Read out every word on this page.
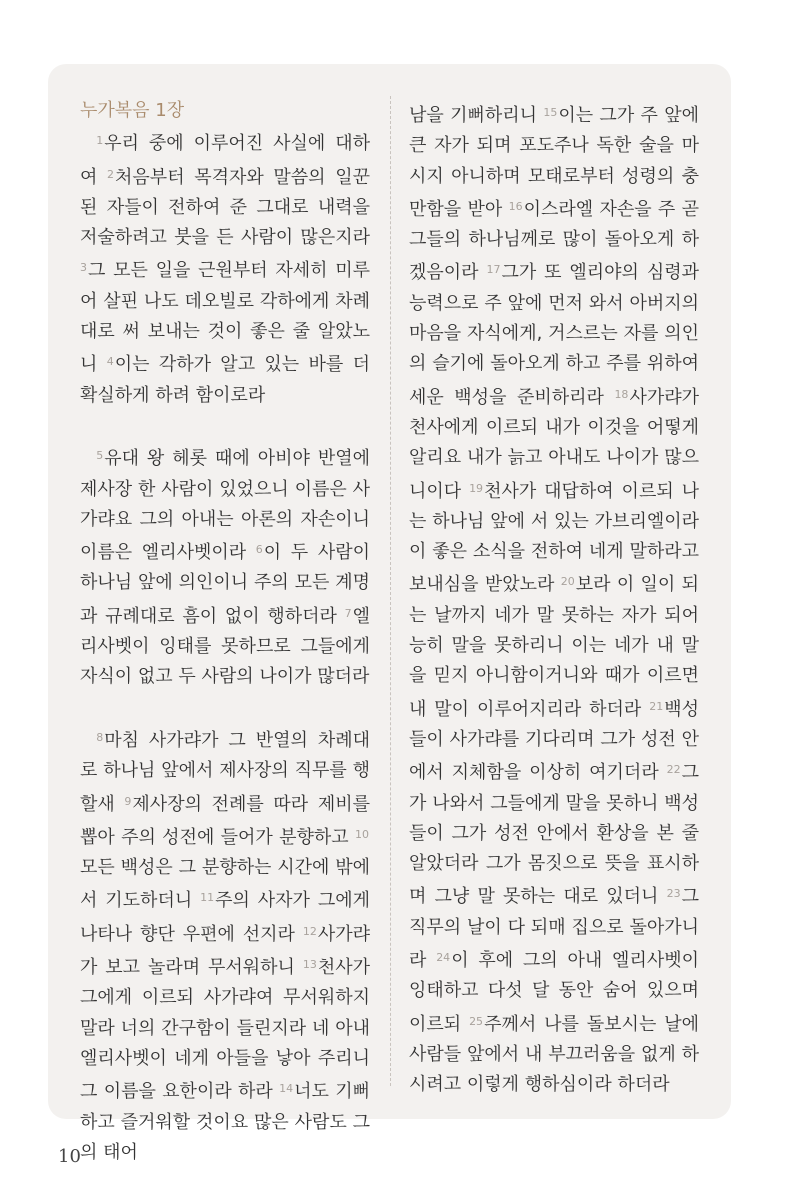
누가복음 1장

$^1$우리 중에 이루어진 사실에 대하여 $^2$처음부터 목격자와 말씀의 일꾼 된 자들이 전하여 준 그대로 내력을 저술하려고 붓을 든 사람이 많은지라 $^3$그 모든 일을 근원부터 자세히 미루어 살핀 나도 데오빌로 각하에게 차례대로 써 보내는 것이 좋은 줄 알았노니 $^4$이는 각하가 알고 있는 바를 더 확실하게 하려 함이로라

$^5$유대 왕 헤롯 때에 아비야 반열에 제사장 한 사람이 있었으니 이름은 사가랴요 그의 아내는 아론의 자손이니 이름은 엘리사벳이라 $^6$이 두 사람이 하나님 앞에 의인이니 주의 모든 계명과 규례대로 흠이 없이 행하더라 $^7$엘리사벳이 잉태를 못하므로 그들에게 자식이 없고 두 사람의 나이가 많더라

$^8$마침 사가랴가 그 반열의 차례대로 하나님 앞에서 제사장의 직무를 행할새 $^9$제사장의 전례를 따라 제비를 뽑아 주의 성전에 들어가 분향하고 $^{10}$모든 백성은 그 분향하는 시간에 밖에서 기도하더니 $^{11}$주의 사자가 그에게 나타나 향단 우편에 선지라 $^{12}$사가랴가 보고 놀라며 무서워하니 $^{13}$천사가 그에게 이르되 사가랴여 무서워하지 말라 너의 간구함이 들린지라 네 아내 엘리사벳이 네게 아들을 낳아 주리니 그 이름을 요한이라 하라 $^{14}$너도 기뻐하고 즐거워할 것이요 많은 사람도 그의 태어

남을 기뻐하리니 $^{15}$이는 그가 주 앞에 큰 자가 되며 포도주나 독한 술을 마시지 아니하며 모태로부터 성령의 충만함을 받아 $^{16}$이스라엘 자손을 주 곧 그들의 하나님께로 많이 돌아오게 하겠음이라 $^{17}$그가 또 엘리야의 심령과 능력으로 주 앞에 먼저 와서 아버지의 마음을 자식에게, 거스르는 자를 의인의 슬기에 돌아오게 하고 주를 위하여 세운 백성을 준비하리라 $^{18}$사가랴가 천사에게 이르되 내가 이것을 어떻게 알리요 내가 늙고 아내도 나이가 많으니이다 $^{19}$천사가 대답하여 이르되 나는 하나님 앞에 서 있는 가브리엘이라 이 좋은 소식을 전하여 네게 말하라고 보내심을 받았노라 $^{20}$보라 이 일이 되는 날까지 네가 말 못하는 자가 되어 능히 말을 못하리니 이는 네가 내 말을 믿지 아니함이거니와 때가 이르면 내 말이 이루어지리라 하더라 $^{21}$백성들이 사가랴를 기다리며 그가 성전 안에서 지체함을 이상히 여기더라 $^{22}$그가 나와서 그들에게 말을 못하니 백성들이 그가 성전 안에서 환상을 본 줄 알았더라 그가 몸짓으로 뜻을 표시하며 그냥 말 못하는 대로 있더니 $^{23}$그 직무의 날이 다 되매 집으로 돌아가니라 $^{24}$이 후에 그의 아내 엘리사벳이 잉태하고 다섯 달 동안 숨어 있으며 이르되 $^{25}$주께서 나를 돌보시는 날에 사람들 앞에서 내 부끄러움을 없게 하시려고 이렇게 행하심이라 하더라

10
